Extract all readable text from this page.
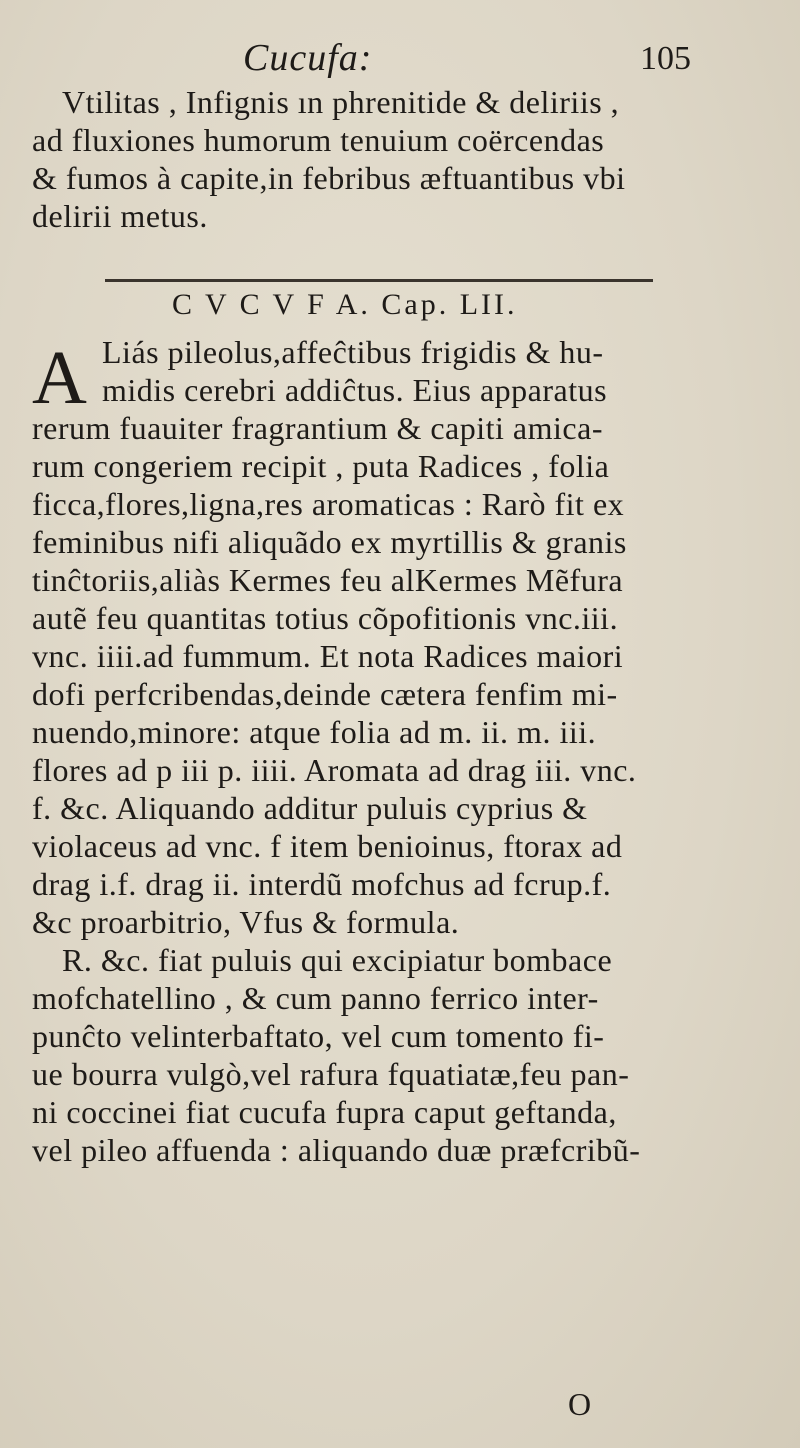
Cucufa:	105
Vtilitas , Infignis ın phrenitide & deliriis ,
ad fluxiones humorum tenuium coërcendas
& fumos à capite,in febribus æftuantibus vbi
delirii metus.
C V C V F A. Cap. LII.
A Liás pileolus,affeĉtibus frigidis & hu-
midis cerebri addiĉtus. Eius apparatus
rerum fuauiter fragrantium & capiti amica-
rum congeriem recipit , puta Radices , folia
ficca,flores,ligna,res aromaticas : Rarò fit ex
feminibus nifi aliquãdo ex myrtillis & granis
tinĉtoriis,aliàs Kermes feu alKermes Mẽfura
autẽ feu quantitas totius cõpofitionis vnc.iii.
vnc. iiii.ad fummum. Et nota Radices maiori
dofi perfcribendas,deinde cætera fenfim mi-
nuendo,minore: atque folia ad m. ii. m. iii.
flores ad p iii p. iiii. Aromata ad drag iii. vnc.
f. &c. Aliquando additur puluis cyprius &
violaceus ad vnc. f item benioinus, ftorax ad
drag i.f. drag ii. interdũ mofchus ad fcrup.f.
&c proarbitrio, Vfus & formula.
R. &c. fiat puluis qui excipiatur bombace
mofchatellino , & cum panno ferrico inter-
punĉto velinterbaftato, vel cum tomento fi-
ue bourra vulgò,vel rafura fquatiatæ,feu pan-
ni coccinei fiat cucufa fupra caput geftanda,
vel pileo affuenda : aliquando duæ præfcribũ-
O
